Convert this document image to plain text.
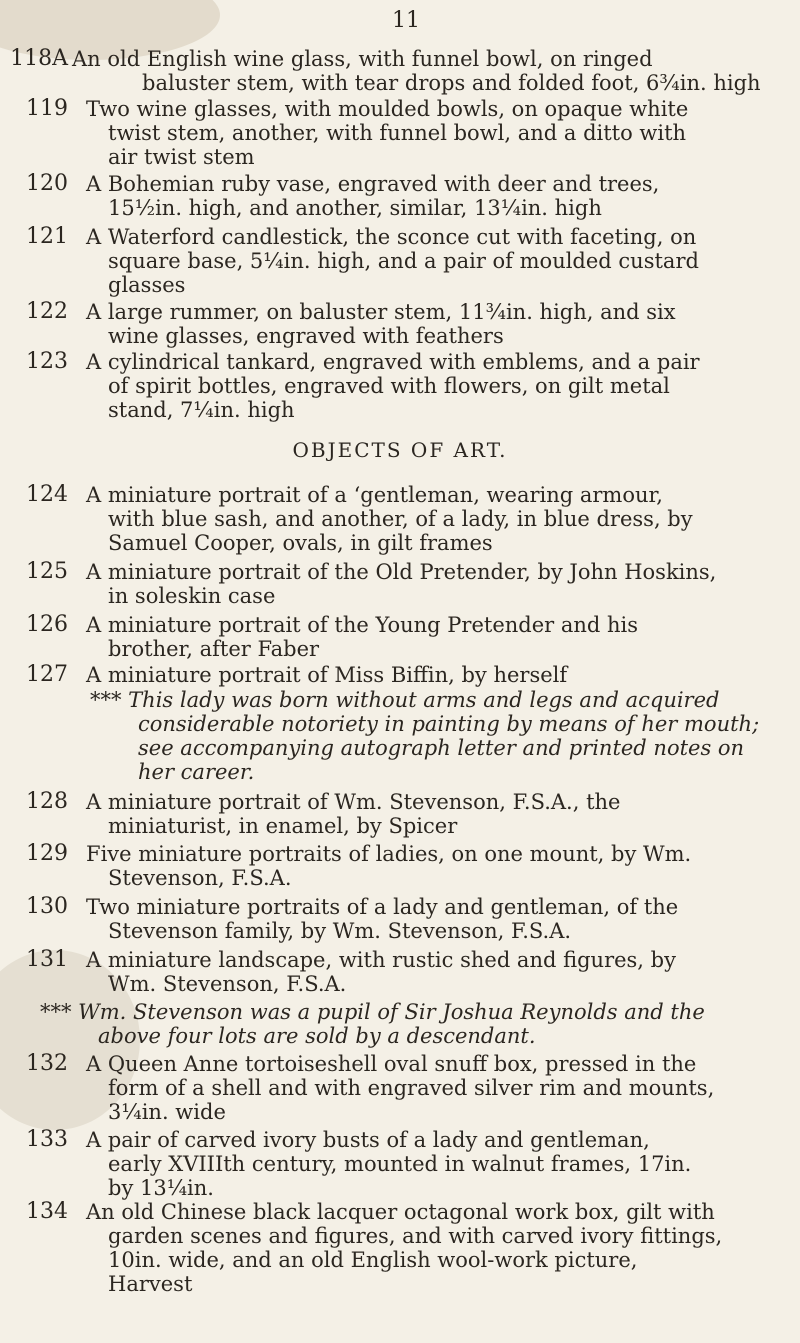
11
118A An old English wine glass, with funnel bowl, on ringed
baluster stem, with tear drops and folded foot, 6¾in. high
119 Two wine glasses, with moulded bowls, on opaque white
twist stem, another, with funnel bowl, and a ditto with
air twist stem
120 A Bohemian ruby vase, engraved with deer and trees,
15½in. high, and another, similar, 13¼in. high
121 A Waterford candlestick, the sconce cut with faceting, on
square base, 5¼in. high, and a pair of moulded custard
glasses
122 A large rummer, on baluster stem, 11¾in. high, and six
wine glasses, engraved with feathers
123 A cylindrical tankard, engraved with emblems, and a pair
of spirit bottles, engraved with flowers, on gilt metal
stand, 7¼in. high
OBJECTS OF ART.
124 A miniature portrait of a ‘gentleman, wearing armour,
with blue sash, and another, of a lady, in blue dress, by
Samuel Cooper, ovals, in gilt frames
125 A miniature portrait of the Old Pretender, by John Hoskins,
in soleskin case
126 A miniature portrait of the Young Pretender and his
brother, after Faber
127 A miniature portrait of Miss Biffin, by herself
*** This lady was born without arms and legs and acquired
considerable notoriety in painting by means of her mouth;
see accompanying autograph letter and printed notes on
her career.
128 A miniature portrait of Wm. Stevenson, F.S.A., the
miniaturist, in enamel, by Spicer
129 Five miniature portraits of ladies, on one mount, by Wm.
Stevenson, F.S.A.
130 Two miniature portraits of a lady and gentleman, of the
Stevenson family, by Wm. Stevenson, F.S.A.
131 A miniature landscape, with rustic shed and figures, by
Wm. Stevenson, F.S.A.
*** Wm. Stevenson was a pupil of Sir Joshua Reynolds and the
above four lots are sold by a descendant.
132 A Queen Anne tortoiseshell oval snuff box, pressed in the
form of a shell and with engraved silver rim and mounts,
3¼in. wide
133 A pair of carved ivory busts of a lady and gentleman,
early XVIIIth century, mounted in walnut frames, 17in.
by 13¼in.
134 An old Chinese black lacquer octagonal work box, gilt with
garden scenes and figures, and with carved ivory fittings,
10in. wide, and an old English wool-work picture,
Harvest
